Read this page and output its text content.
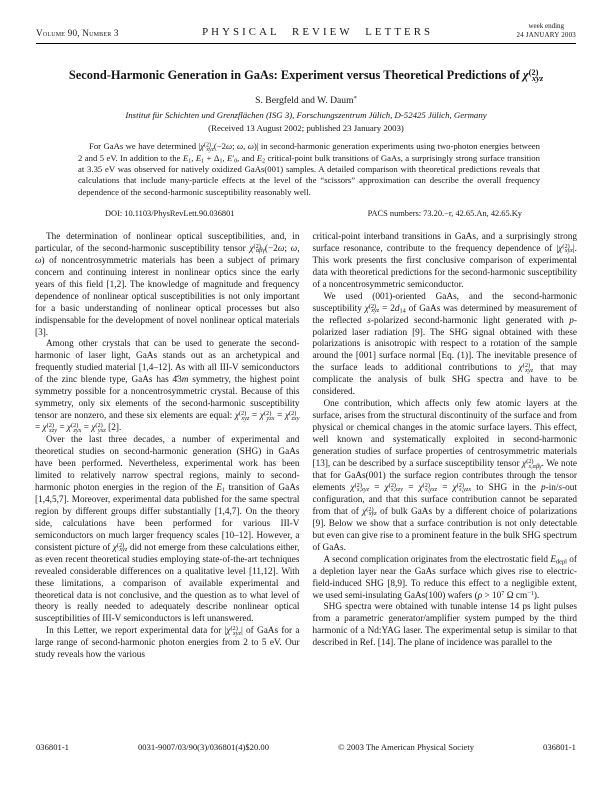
Volume 90, Number 3	PHYSICAL REVIEW LETTERS
week ending
24 JANUARY 2003
Second-Harmonic Generation in GaAs: Experiment versus Theoretical Predictions of $\chi^{(2)}_{xyz}$
S. Bergfeld and W. Daum*
Institut für Schichten und Grenzflächen (ISG 3), Forschungszentrum Jülich, D-52425 Jülich, Germany
(Received 13 August 2002; published 23 January 2003)

For GaAs we have determined $|\chi^{(2)}_{xyz}(-2\omega$; ω, ω)| in second-harmonic generation experiments using two-photon energies between 2 and 5 eV. In addition to the $E_1$, $E_1 + \Delta_1$, $E'_0$, and $E_2$ critical-point bulk transitions of GaAs, a surprisingly strong surface transition at 3.35 eV was observed for natively oxidized GaAs(001) samples. A detailed comparison with theoretical predictions reveals that calculations that include many-particle effects at the level of the “scissors” approximation can describe the overall frequency dependence of the second-harmonic susceptibility reasonably well.

DOI: 10.1103/PhysRevLett.90.036801	PACS numbers: 73.20.−r, 42.65.An, 42.65.Ky

The determination of nonlinear optical susceptibilities, and, in particular, of the second-harmonic susceptibility tensor $\chi^{(2)}_{\alpha\beta\gamma}(-2\omega$; ω, ω) of noncentrosymmetric materials has been a subject of primary concern and continuing interest in nonlinear optics since the early years of this field [1,2]. The knowledge of magnitude and frequency dependence of nonlinear optical susceptibilities is not only important for a basic understanding of nonlinear optical processes but also indispensable for the development of novel nonlinear optical materials [3].

Among other crystals that can be used to generate the second-harmonic of laser light, GaAs stands out as an archetypical and frequently studied material [1,4–12]. As with all III-V semiconductors of the zinc blende type, GaAs has 4̄3m symmetry, the highest point symmetry possible for a noncentrosymmetric crystal. Because of this symmetry, only six elements of the second-harmonic susceptibility tensor are nonzero, and these six elements are equal: $\chi^{(2)}_{xyz} = \chi^{(2)}_{yzx} = \chi^{(2)}_{zxy} = \chi^{(2)}_{xzy} = \chi^{(2)}_{zyx} = \chi^{(2)}_{yxz}$ [2].

Over the last three decades, a number of experimental and theoretical studies on second-harmonic generation (SHG) in GaAs have been performed. Nevertheless, experimental work has been limited to relatively narrow spectral regions, mainly to second-harmonic photon energies in the region of the $E_1$ transition of GaAs [1,4,5,7]. Moreover, experimental data published for the same spectral region by different groups differ substantially [1,4,7]. On the theory side, calculations have been performed for various III-V semiconductors on much larger frequency scales [10–12]. However, a consistent picture of $\chi^{(2)}_{xyz}$ did not emerge from these calculations either, as even recent theoretical studies employing state-of-the-art techniques revealed considerable differences on a qualitative level [11,12]. With these limitations, a comparison of available experimental and theoretical data is not conclusive, and the question as to what level of theory is really needed to adequately describe nonlinear optical susceptibilities of III-V semiconductors is left unanswered.

In this Letter, we report experimental data for $|\chi^{(2)}_{xyz}|$ of GaAs for a large range of second-harmonic photon energies from 2 to 5 eV. Our study reveals how the various

critical-point interband transitions in GaAs, and a surprisingly strong surface resonance, contribute to the frequency dependence of $|\chi^{(2)}_{xyz}|$. This work presents the first conclusive comparison of experimental data with theoretical predictions for the second-harmonic susceptibility of a noncentrosymmetric semiconductor.

We used (001)-oriented GaAs, and the second-harmonic susceptibility $\chi^{(2)}_{xyz} = 2d_{14}$ of GaAs was determined by measurement of the reflected s-polarized second-harmonic light generated with p-polarized laser radiation [9]. The SHG signal obtained with these polarizations is anisotropic with respect to a rotation of the sample around the [001] surface normal [Eq. (1)]. The inevitable presence of the surface leads to additional contributions to $\chi^{(2)}_{xyz}$ that may complicate the analysis of bulk SHG spectra and have to be considered.

One contribution, which affects only few atomic layers at the surface, arises from the structural discontinuity of the surface and from physical or chemical changes in the atomic surface layers. This effect, well known and systematically exploited in second-harmonic generation studies of surface properties of centrosymmetric materials [13], can be described by a surface susceptibility tensor $\chi^{(2)}_{s,\alpha\beta\gamma}$. We note that for GaAs(001) the surface region contributes through the tensor elements $\chi^{(2)}_{s,xyz} = \chi^{(2)}_{s,xzy} = \chi^{(2)}_{s,yxz} = \chi^{(2)}_{s,yzx}$ to SHG in the p-in/s-out configuration, and that this surface contribution cannot be separated from that of $\chi^{(2)}_{xyz}$ of bulk GaAs by a different choice of polarizations [9]. Below we show that a surface contribution is not only detectable but even can give rise to a prominent feature in the bulk SHG spectrum of GaAs.

A second complication originates from the electrostatic field $E_{depl}$ of a depletion layer near the GaAs surface which gives rise to electric-field-induced SHG [8,9]. To reduce this effect to a negligible extent, we used semi-insulating GaAs(100) wafers ($\rho > 10^7$ Ω $cm^{-1}$).

SHG spectra were obtained with tunable intense 14 ps light pulses from a parametric generator/amplifier system pumped by the third harmonic of a Nd:YAG laser. The experimental setup is similar to that described in Ref. [14]. The plane of incidence was parallel to the

036801-1	0031-9007/03/90(3)/036801(4)$20.00	© 2003 The American Physical Society	036801-1
